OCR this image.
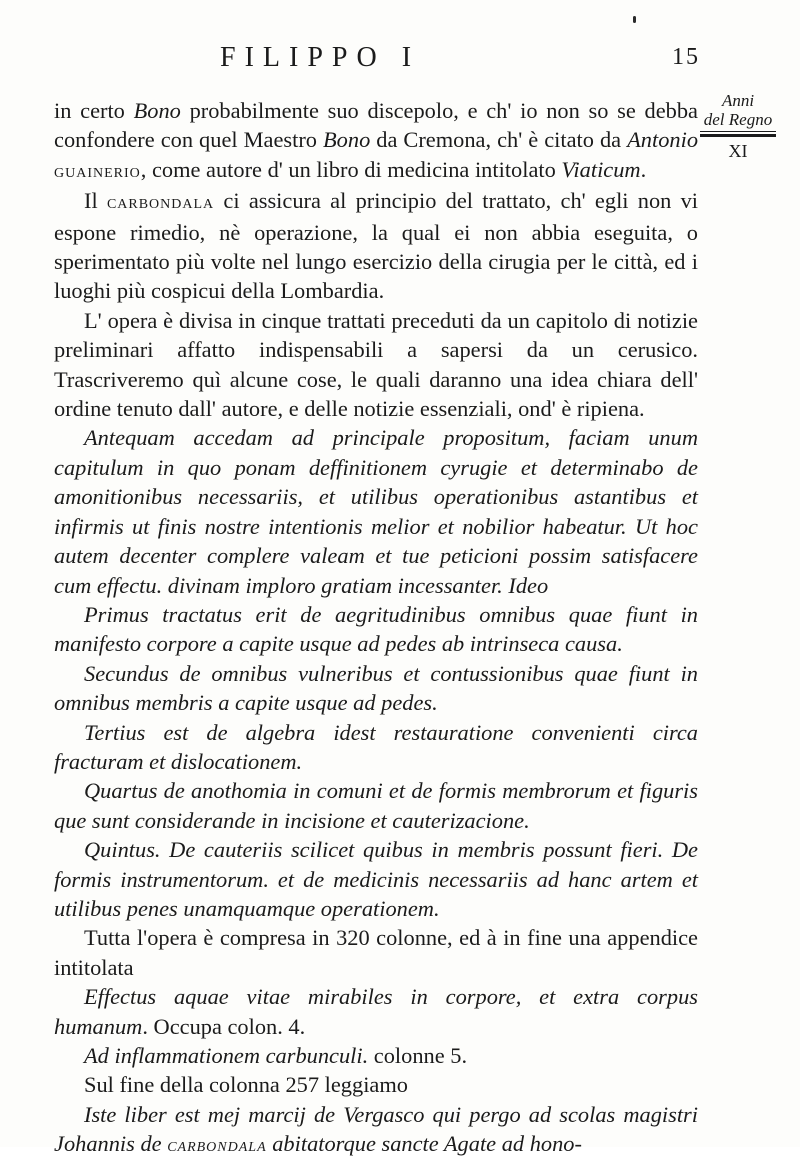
FILIPPO I	15
Anni
del Regno
XI

in certo Bono probabilmente suo discepolo, e ch' io non so se debba confondere con quel Maestro Bono da Cremona, ch' è citato da Antonio guainerio, come autore d' un libro di medicina intitolato Viaticum.

Il carbondala ci assicura al principio del trattato, ch' egli non vi espone rimedio, nè operazione, la qual ei non abbia eseguita, o sperimentato più volte nel lungo esercizio della cirugia per le città, ed i luoghi più cospicui della Lombardia.

L' opera è divisa in cinque trattati preceduti da un capitolo di notizie preliminari affatto indispensabili a sapersi da un cerusico. Trascriveremo quì alcune cose, le quali daranno una idea chiara dell' ordine tenuto dall' autore, e delle notizie essenziali, ond' è ripiena.

Antequam accedam ad principale propositum, faciam unum capitulum in quo ponam deffinitionem cyrugie et determinabo de amonitionibus necessariis, et utilibus operationibus astantibus et infirmis ut finis nostre intentionis melior et nobilior habeatur. Ut hoc autem decenter complere valeam et tue peticioni possim satisfacere cum effectu. divinam imploro gratiam incessanter. Ideo

Primus tractatus erit de aegritudinibus omnibus quae fiunt in manifesto corpore a capite usque ad pedes ab intrinseca causa.

Secundus de omnibus vulneribus et contussionibus quae fiunt in omnibus membris a capite usque ad pedes.

Tertius est de algebra idest restauratione convenienti circa fracturam et dislocationem.

Quartus de anothomia in comuni et de formis membrorum et figuris que sunt considerande in incisione et cauterizacione.

Quintus. De cauteriis scilicet quibus in membris possunt fieri. De formis instrumentorum. et de medicinis necessariis ad hanc artem et utilibus penes unamquamque operationem.

Tutta l'opera è compresa in 320 colonne, ed à in fine una appendice intitolata

Effectus aquae vitae mirabiles in corpore, et extra corpus humanum. Occupa colon. 4.

Ad inflammationem carbunculi. colonne 5.

Sul fine della colonna 257 leggiamo

Iste liber est mej marcij de Vergasco qui pergo ad scolas magistri Johannis de carbondala abitatorque sancte Agate ad hono-
